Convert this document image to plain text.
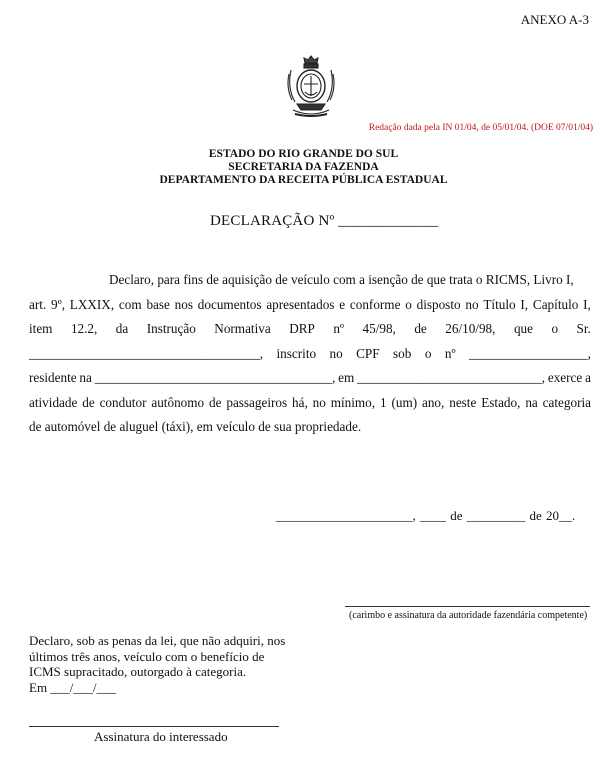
ANEXO A-3
Redação dada pela IN 01/04, de 05/01/04. (DOE 07/01/04)
ESTADO DO RIO GRANDE DO SUL
SECRETARIA DA FAZENDA
DEPARTAMENTO DA RECEITA PÚBLICA ESTADUAL
DECLARAÇÃO Nº _____________
Declaro, para fins de aquisição de veículo com a isenção de que trata o RICMS, Livro I,
art. 9º, LXXIX, com base nos documentos apresentados e conforme o disposto no Título I, Capítulo I,
item 12.2, da Instrução Normativa DRP nº 45/98, de 26/10/98, que o Sr.
___________________________________, inscrito no CPF sob o nº __________________,
residente na ____________________________________, em ____________________________, exerce a
atividade de condutor autônomo de passageiros há, no mínimo, 1 (um) ano, neste Estado, na categoria
de automóvel de aluguel (táxi), em veículo de sua propriedade.
_____________________, ____ de _________ de 20__.
(carimbo e assinatura da autoridade fazendária competente)
Declaro, sob as penas da lei, que não adquiri, nos
últimos três anos, veículo com o benefício de
ICMS supracitado, outorgado à categoria.
Em ___/___/___
Assinatura do interessado
